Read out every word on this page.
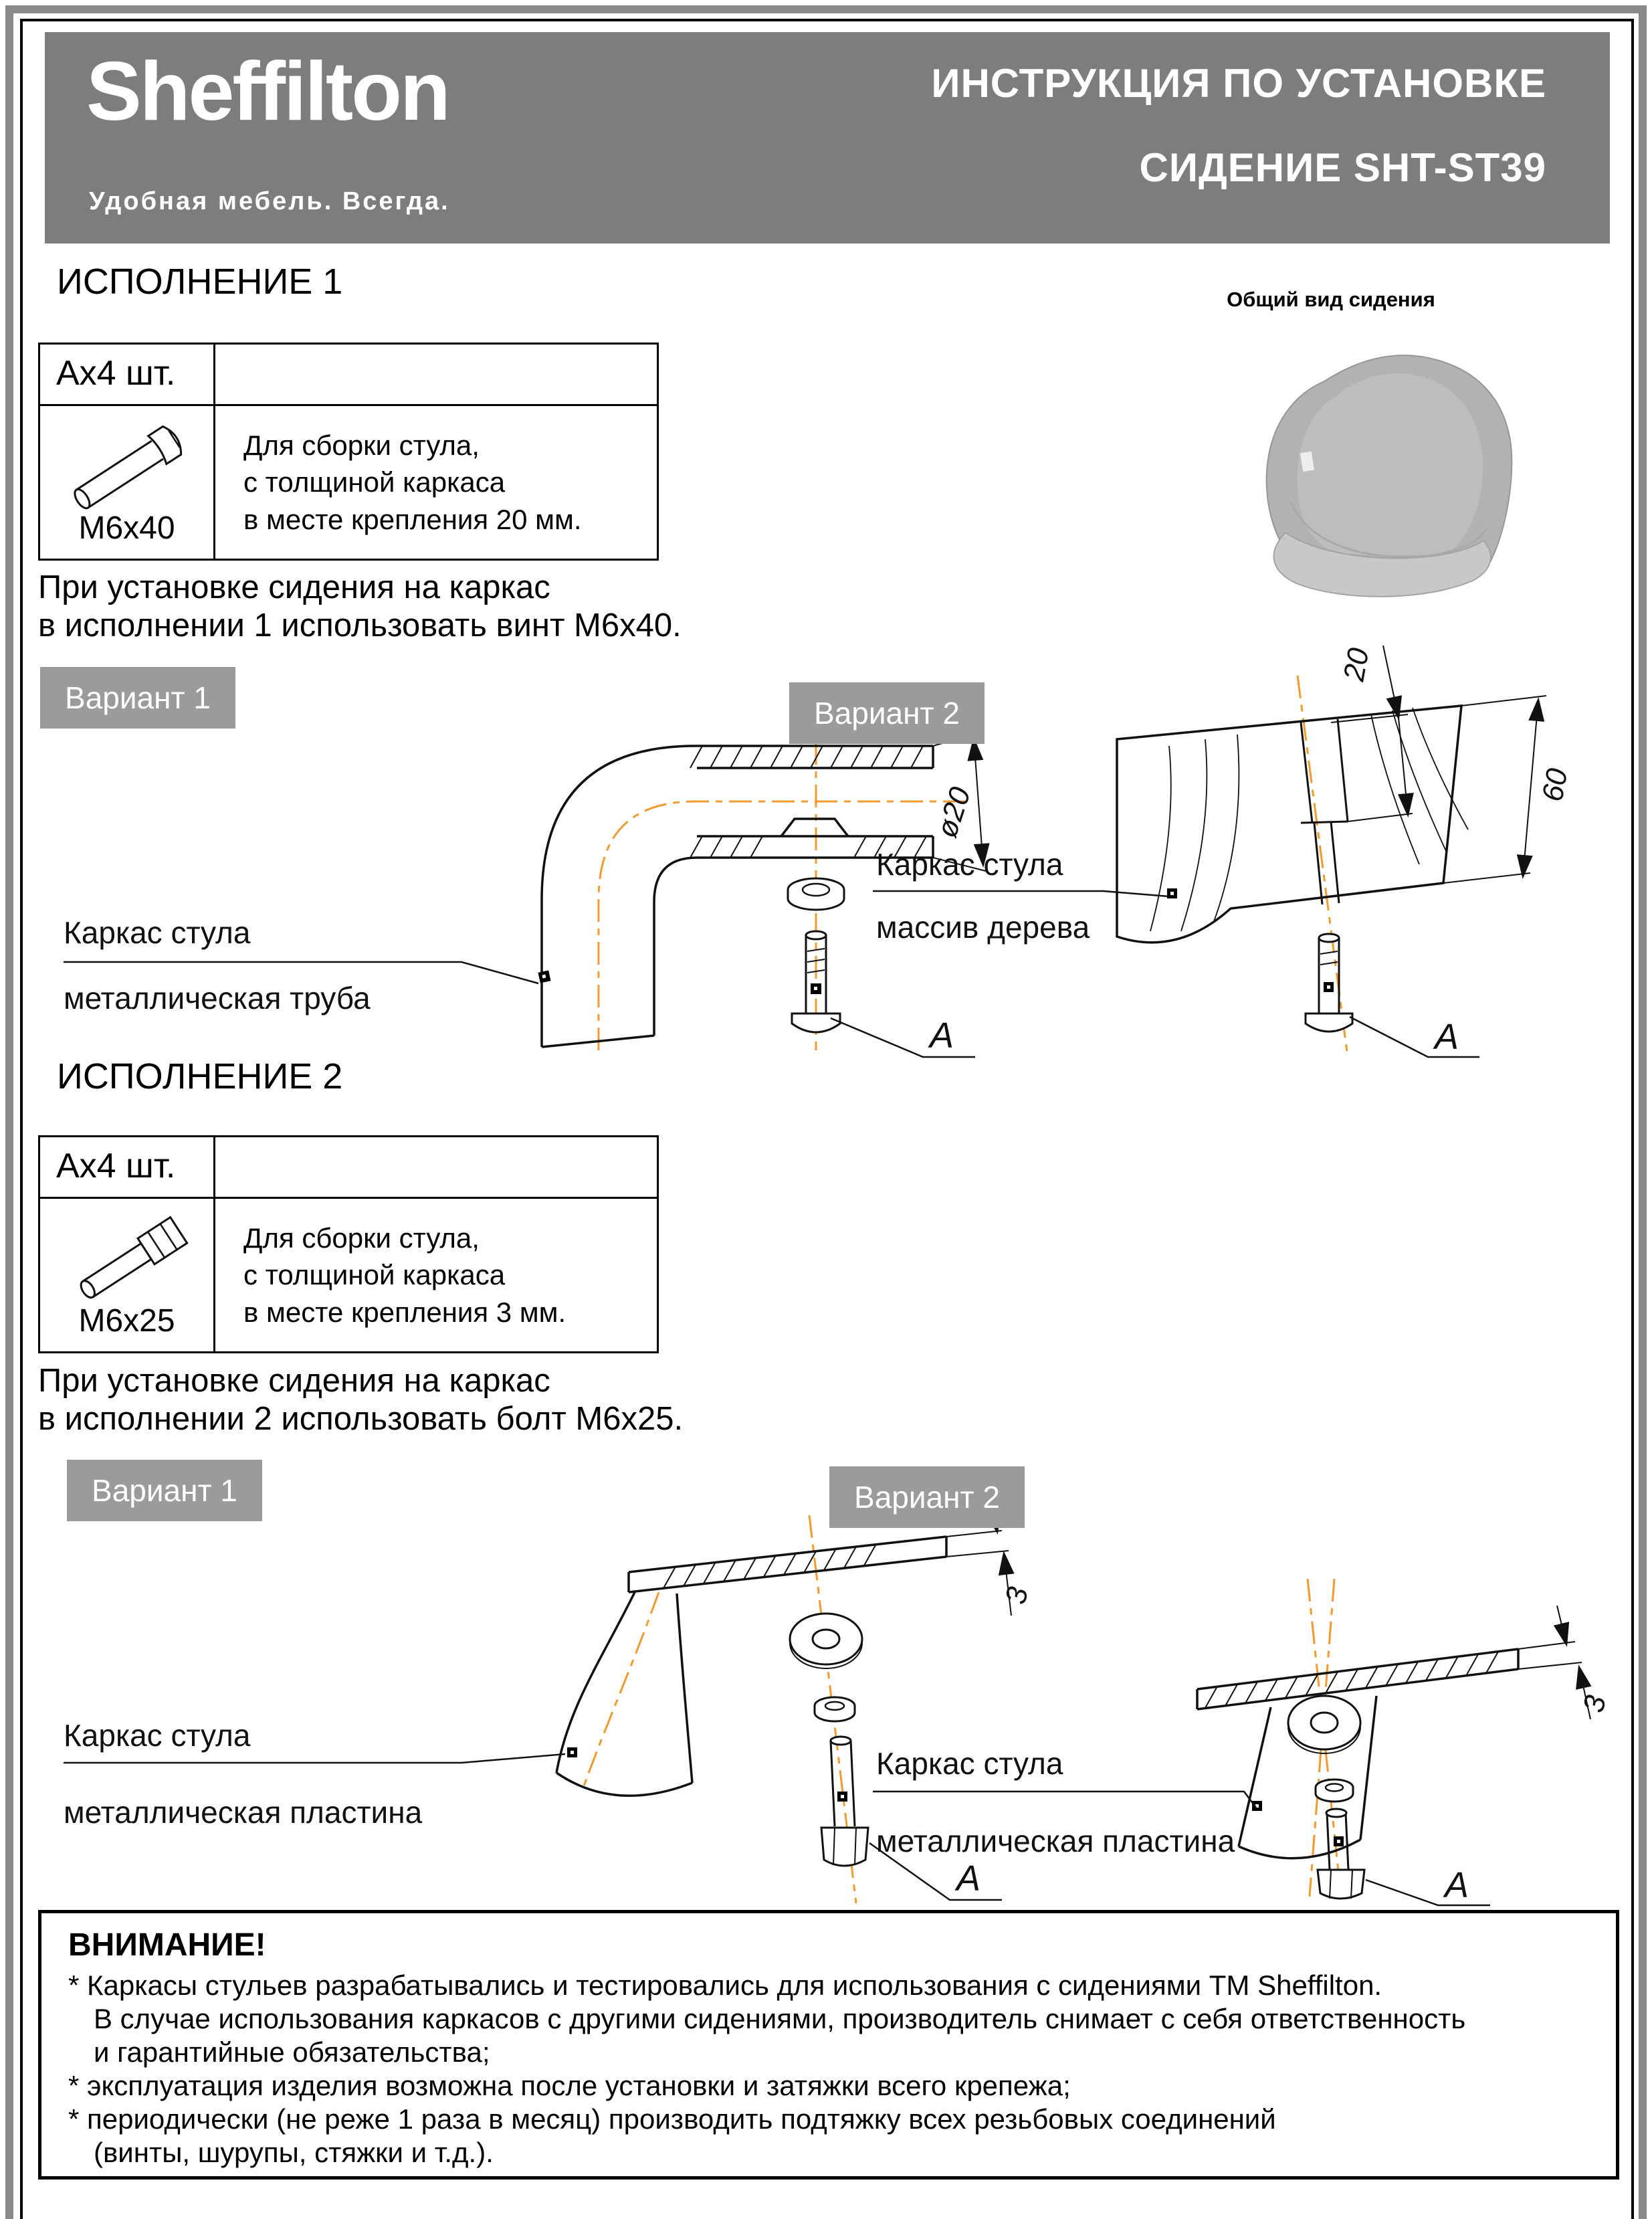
Sheffilton
Удобная мебель. Всегда.
ИНСТРУКЦИЯ ПО УСТАНОВКЕ
СИДЕНИЕ SHT-ST39
ИСПОЛНЕНИЕ 1	Общий вид сидения
Ах4 шт.
М6х40
Для сборки стула,
с толщиной каркаса
в месте крепления 20 мм.
При установке сидения на каркас
в исполнении 1 использовать винт М6х40.
Вариант 1	Вариант 2
ø20
Каркас стула
металлическая труба
А
20
60
Каркас стула
массив дерева
А
ИСПОЛНЕНИЕ 2
Ах4 шт.
М6х25
Для сборки стула,
с толщиной каркаса
в месте крепления 3 мм.
При установке сидения на каркас
в исполнении 2 использовать болт М6х25.
Вариант 1	Вариант 2
3
Каркас стула
металлическая пластина
А
3
Каркас стула
металлическая пластина
А
ВНИМАНИЕ!
* Каркасы стульев разрабатывались и тестировались для использования с сидениями ТМ Sheffilton.
В случае использования каркасов с другими сидениями, производитель снимает с себя ответственность
и гарантийные обязательства;
* эксплуатация изделия возможна после установки и затяжки всего крепежа;
* периодически (не реже 1 раза в месяц) производить подтяжку всех резьбовых соединений
(винты, шурупы, стяжки и т.д.).
